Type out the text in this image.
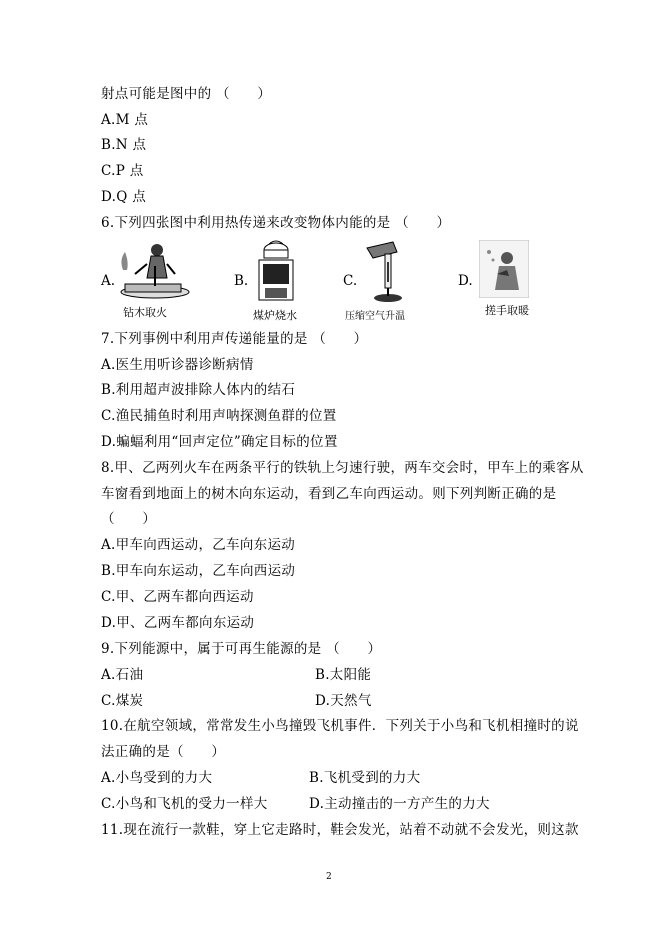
射点可能是图中的 （　　）
A.M 点
B.N 点
C.P 点
D.Q 点
6.下列四张图中利用热传递来改变物体内能的是 （　　）
A.
钻木取火
B.
煤炉烧水
C.
压缩空气升温
D.
搓手取暖
7.下列事例中利用声传递能量的是 （　　）
A.医生用听诊器诊断病情
B.利用超声波排除人体内的结石
C.渔民捕鱼时利用声呐探测鱼群的位置
D.蝙蝠利用“回声定位”确定目标的位置
8.甲、乙两列火车在两条平行的铁轨上匀速行驶，两车交会时，甲车上的乘客从
车窗看到地面上的树木向东运动，看到乙车向西运动。则下列判断正确的是
（　　）
A.甲车向西运动，乙车向东运动
B.甲车向东运动，乙车向西运动
C.甲、乙两车都向西运动
D.甲、乙两车都向东运动
9.下列能源中，属于可再生能源的是 （　　）
A.石油	B.太阳能
C.煤炭	D.天然气
10.在航空领域，常常发生小鸟撞毁飞机事件．下列关于小鸟和飞机相撞时的说
法正确的是（　　）
A.小鸟受到的力大	B.飞机受到的力大
C.小鸟和飞机的受力一样大	D.主动撞击的一方产生的力大
11.现在流行一款鞋，穿上它走路时，鞋会发光，站着不动就不会发光，则这款
2
